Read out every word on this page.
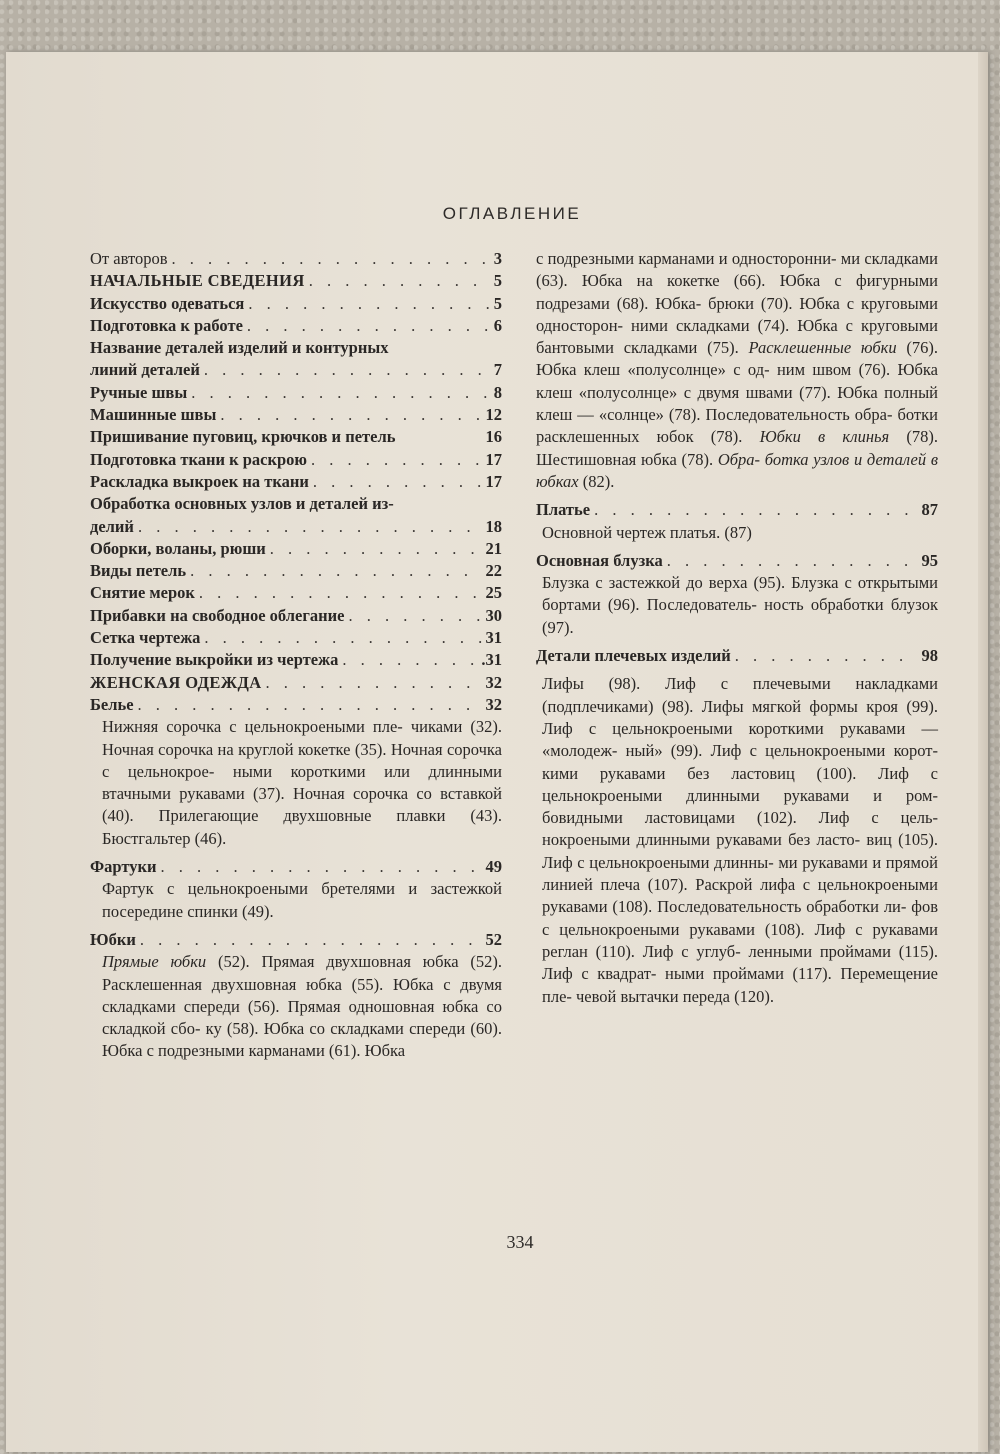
ОГЛАВЛЕНИЕ
От авторов . . .	3
НАЧАЛЬНЫЕ СВЕДЕНИЯ . . .	5
Искусство одеваться . . .	5
Подготовка к работе . . .	6
Название деталей изделий и контурных
линий деталей . . .	7
Ручные швы . . .	8
Машинные швы . . .	12
Пришивание пуговиц, крючков и петель	16
Подготовка ткани к раскрою . . .	17
Раскладка выкроек на ткани . . .	17
Обработка основных узлов и деталей из-
делий . . .	18
Оборки, воланы, рюши . . .	21
Виды петель . . .	22
Снятие мерок . . .	25
Прибавки на свободное облегание . . .	30
Сетка чертежа . . .	31
Получение выкройки из чертежа . . .	.31
ЖЕНСКАЯ ОДЕЖДА . . .	32
Белье . . .	32
Нижняя сорочка с цельнокроеными пле- чиками (32). Ночная сорочка на круглой кокетке (35). Ночная сорочка с цельнокрое- ными короткими или длинными втачными рукавами (37). Ночная сорочка со вставкой (40). Прилегающие двухшовные плавки (43). Бюстгальтер (46).
Фартуки . . .	49
Фартук с цельнокроеными бретелями и застежкой посередине спинки (49).
Юбки . . .	52
Прямые юбки (52). Прямая двухшовная юбка (52). Расклешенная двухшовная юбка (55). Юбка с двумя складками спереди (56). Прямая одношовная юбка со складкой сбо- ку (58). Юбка со складками спереди (60). Юбка с подрезными карманами (61). Юбка
с подрезными карманами и односторонни- ми складками (63). Юбка на кокетке (66). Юбка с фигурными подрезами (68). Юбка- брюки (70). Юбка с круговыми односторон- ними складками (74). Юбка с круговыми бантовыми складками (75). Расклешенные юбки (76). Юбка клеш «полусолнце» с од- ним швом (76). Юбка клеш «полусолнце» с двумя швами (77). Юбка полный клеш — «солнце» (78). Последовательность обра- ботки расклешенных юбок (78). Юбки в клинья (78). Шестишовная юбка (78). Обра- ботка узлов и деталей в юбках (82).
Платье . . .	87
Основной чертеж платья. (87)
Основная блузка . . .	95
Блузка с застежкой до верха (95). Блузка с открытыми бортами (96). Последователь- ность обработки блузок (97).
Детали плечевых изделий . . .	98
Лифы (98). Лиф с плечевыми накладками (подплечиками) (98). Лифы мягкой формы кроя (99). Лиф с цельнокроеными короткими рукавами — «молодеж- ный» (99). Лиф с цельнокроеными корот- кими рукавами без ластовиц (100). Лиф с цельнокроеными длинными рукавами и ром- бовидными ластовицами (102). Лиф с цель- нокроеными длинными рукавами без ласто- виц (105). Лиф с цельнокроеными длинны- ми рукавами и прямой линией плеча (107). Раскрой лифа с цельнокроеными рукавами (108). Последовательность обработки ли- фов с цельнокроеными рукавами (108). Лиф с рукавами реглан (110). Лиф с углуб- ленными проймами (115). Лиф с квадрат- ными проймами (117). Перемещение пле- чевой вытачки переда (120).
334
